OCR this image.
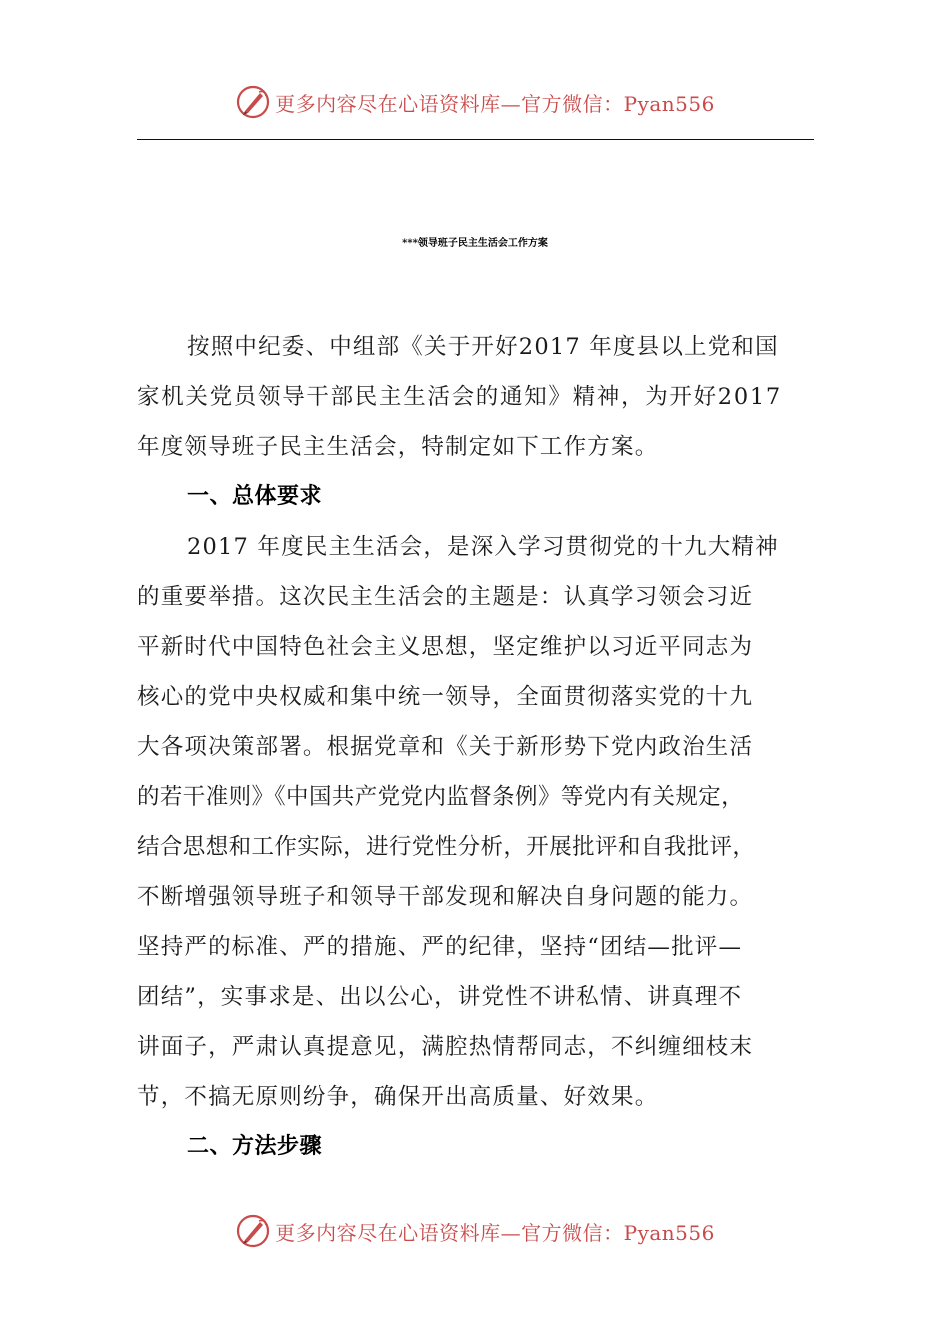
更多内容尽在心语资料库—官方微信：Pyan556
***领导班子民主生活会工作方案
按照中纪委、中组部《关于开好2017 年度县以上党和国
家机关党员领导干部民主生活会的通知》精神，为开好2017
年度领导班子民主生活会，特制定如下工作方案。
一、总体要求
2017 年度民主生活会，是深入学习贯彻党的十九大精神
的重要举措。这次民主生活会的主题是：认真学习领会习近
平新时代中国特色社会主义思想，坚定维护以习近平同志为
核心的党中央权威和集中统一领导，全面贯彻落实党的十九
大各项决策部署。根据党章和《关于新形势下党内政治生活
的若干准则》《中国共产党党内监督条例》等党内有关规定，
结合思想和工作实际，进行党性分析，开展批评和自我批评，
不断增强领导班子和领导干部发现和解决自身问题的能力。
坚持严的标准、严的措施、严的纪律，坚持“团结—批评—
团结”，实事求是、出以公心，讲党性不讲私情、讲真理不
讲面子，严肃认真提意见，满腔热情帮同志，不纠缠细枝末
节，不搞无原则纷争，确保开出高质量、好效果。
二、方法步骤
更多内容尽在心语资料库—官方微信：Pyan556
